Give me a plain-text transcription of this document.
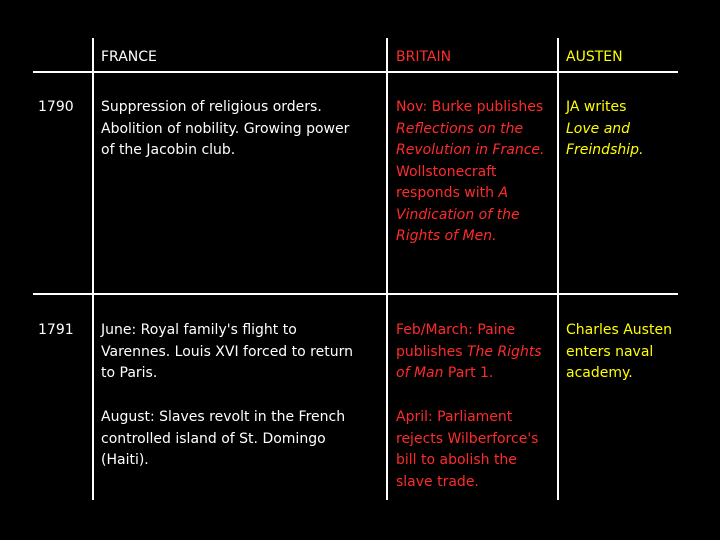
FRANCE	BRITAIN	AUSTEN
1790 Suppression of religious orders.

Abolition of nobility. Growing power

of the Jacobin club.

Nov: Burke publishes Reflections on the Revolution in France. Wollstonecraft responds with A Vindication of the Rights of Men.
JA writes Love and Freindship.
1791 June: Royal family's flight to

Varennes. Louis XVI forced to return

to Paris.

August: Slaves revolt in the French

controlled island of St. Domingo

(Haiti).

Feb/March: Paine publishes The Rights of Man Part 1.
April: Parliament rejects Wilberforce's bill to abolish the slave trade.
Charles Austen enters naval academy.
